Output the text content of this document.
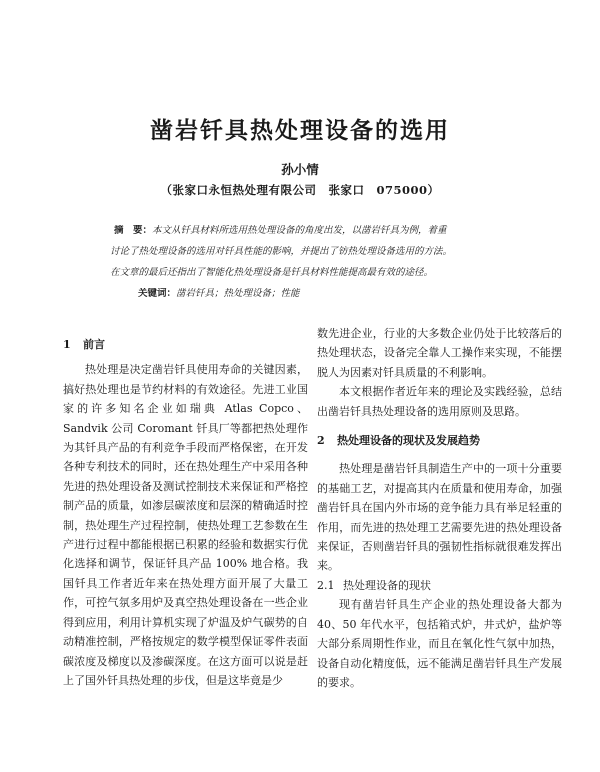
凿岩钎具热处理设备的选用
孙小情
（张家口永恒热处理有限公司　张家口　075000）
摘　要：本文从钎具材料所选用热处理设备的角度出发，以凿岩钎具为例，着重
讨论了热处理设备的选用对钎具性能的影响，并提出了钫热处理设备选用的方法。
在文章的最后还指出了智能化热处理设备是钎具材料性能提高最有效的途径。
关键词：凿岩钎具；热处理设备；性能
1 前言

热处理是决定凿岩钎具使用寿命的关键因素，搞好热处理也是节约材料的有效途径。先进工业国家的许多知名企业如瑞典 Atlas Copco、Sandvik 公司 Coromant 钎具厂等都把热处理作为其钎具产品的有利竞争手段而严格保密，在开发各种专利技术的同时，还在热处理生产中采用各种先进的热处理设备及测试控制技术来保证和严格控制产品的质量，如渗层碳浓度和层深的精确适时控制，热处理生产过程控制，使热处理工艺参数在生产进行过程中都能根据已积累的经验和数据实行优化选择和调节，保证钎具产品 100% 地合格。我国钎具工作者近年来在热处理方面开展了大量工作，可控气氛多用炉及真空热处理设备在一些企业得到应用，利用计算机实现了炉温及炉气碳势的自动精准控制，严格按规定的数学模型保证零件表面碳浓度及梯度以及渗碳深度。在这方面可以说是赶上了国外钎具热处理的步伐，但是这毕竟是少

数先进企业，行业的大多数企业仍处于比较落后的热处理状态，设备完全靠人工操作来实现，不能摆脱人为因素对钎具质量的不利影响。

本文根据作者近年来的理论及实践经验，总结出凿岩钎具热处理设备的选用原则及思路。

2 热处理设备的现状及发展趋势

热处理是凿岩钎具制造生产中的一项十分重要的基础工艺，对提高其内在质量和使用寿命，加强凿岩钎具在国内外市场的竞争能力具有举足轻重的作用，而先进的热处理工艺需要先进的热处理设备来保证，否则凿岩钎具的强韧性指标就很难发挥出来。

2.1 热处理设备的现状

现有凿岩钎具生产企业的热处理设备大都为 40、50 年代水平，包括箱式炉，井式炉，盐炉等大部分系周期性作业，而且在氧化性气氛中加热，设备自动化精度低，远不能满足凿岩钎具生产发展的要求。
